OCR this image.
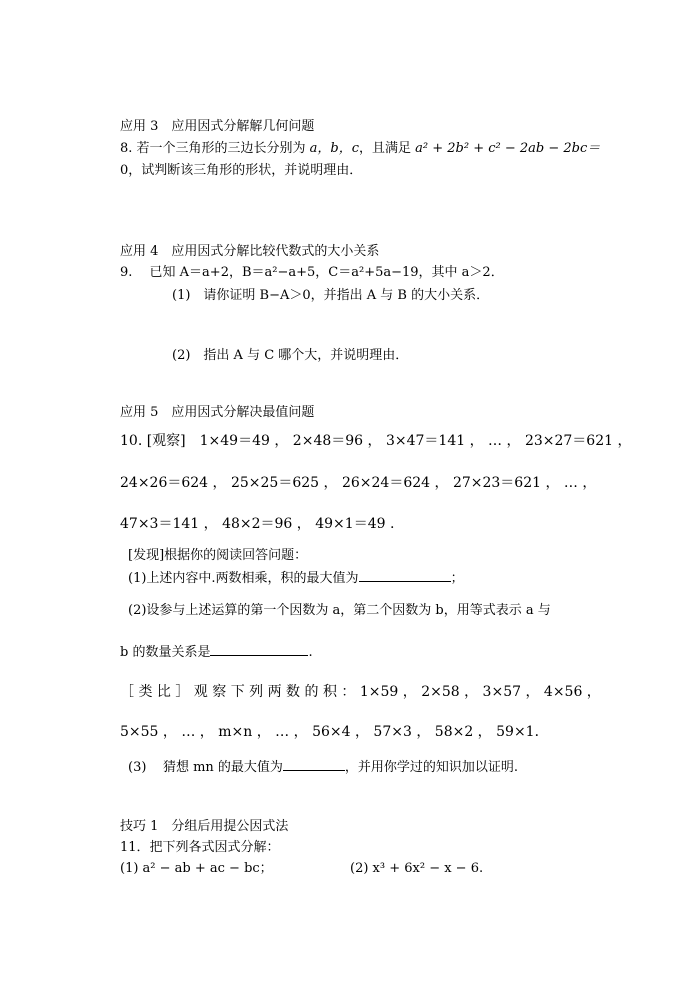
应用 3　应用因式分解解几何问题
8. 若一个三角形的三边长分别为 a，b，c，且满足 a² + 2b² + c² − 2ab − 2bc＝
0，试判断该三角形的形状，并说明理由．
应用 4　应用因式分解比较代数式的大小关系
9.　 已知 A＝a+2，B＝a²−a+5，C＝a²+5a−19，其中 a＞2．
(1)　请你证明 B−A＞0，并指出 A 与 B 的大小关系．
(2)　指出 A 与 C 哪个大，并说明理由．
应用 5　应用因式分解决最值问题
10. [观察]　1×49＝49 ， 2×48＝96 ， 3×47＝141 ， … ， 23×27＝621 ，
24×26＝624 ， 25×25＝625 ， 26×24＝624 ， 27×23＝621 ， … ，
47×3＝141 ， 48×2＝96 ， 49×1＝49 .
[发现]根据你的阅读回答问题：
(1)上述内容中.两数相乘，积的最大值为	；
(2)设参与上述运算的第一个因数为 a，第二个因数为 b，用等式表示 a 与
b 的数量关系是	.
［ 类 比 ］ 观 察 下 列 两 数 的 积 ： 1×59 ， 2×58 ， 3×57 ， 4×56 ，
5×55 ， … ， m×n ， … ， 56×4 ， 57×3 ， 58×2 ， 59×1．
(3) 猜想 mn 的最大值为	，并用你学过的知识加以证明.
技巧 1　分组后用提公因式法
11．把下列各式因式分解：
(1) a² − ab + ac − bc；	(2) x³ + 6x² − x − 6.
